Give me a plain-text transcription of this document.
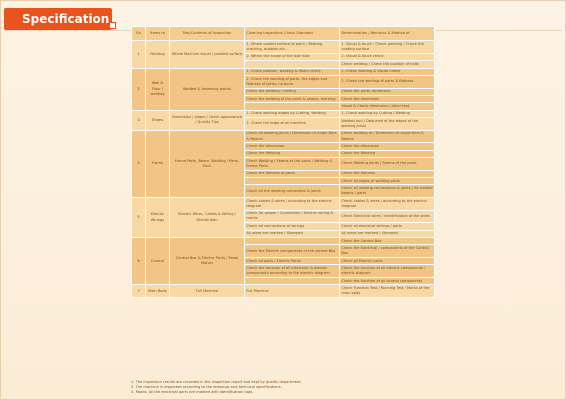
Specification
S/n	Items to	Test/Contents of Inspection	Cleaning Inspection/ Check Standard	Determination / Remarks & Method of
1	Painting	Whole Machine visual / painted surface	1. Whole coated surface of paint / Beating, cracking, bubbles etc...	1. Visual & touch : Check painting / Check the coating surface
			2. Within the scope of the bolt hole	2. Visual & touch check
				Check welding / Check the position of bolts
2	Wall & Floor / welding	Welded & Assembly points	1. Check position, welding & Seam check	1. Check welding & Visual Check
			2. Check the welding of parts, the edges and flatness of joints, no burrs	2. Check the welding of parts & flatness
			Check the welding / cutting	Check the parts, dimension
			Check the welding of the parts & seams, marking	Check the dimension
				Visual & Check dimension / other test
3	Edges	Dimension / edges / check appearance / Quality Tips	1. Check welding edges by Cutting, Welding	1. Check welding by Cutting / Welding
			2. Check the edge of all machine	Welded and / Deburred of the edges of the welding joints
4	Frame	Frame Parts, Beam, Welding / Parts, Ears	Check all welding joints / Dimension of Angle Bars & Beams	Check welding of / Dimension of Angle Bars & Beams
			Check the dimension	Check the dimension
			Check the Welding	Check the Welding
			Check Welding / Seams of the parts / Welding & Frame Parts	Check Welding joints / Seams of the parts
			Check the flatness of parts	Check the flatness
				Check all edges of welding parts
			Check all the welding connection & joints	Check all welding connections & joints / All welded beams / parts
5	Electric Wirings	Electric Wires, Cables & Wiring / Distribution	Check cables & wires / according to the electric diagram	Check cables & wires / according to the electric diagram
			Check for proper / Connection / Electric wiring & marks	Check Electrical wires / Identification of the wires
			Check all connections of wirings	Check all electrical wirings / parts
			All wires are marked / Stamped	All wires are marked / Stamped
6	Control	Control Box & Electric Parts / Panel Motors		Check the Control Box
			Check the Electric components of the control Box	Check the Electrical / components of the Control Box
			Check all parts / Electric Panel	Check all Electric parts
			Check the function of all electronic & electric components according to the electric diagram	Check the function of all electric components / electric diagram
				Check the function of all control components
7	Main Body	Full Machine	Full Machine	Check Function Test / Running Test / Marks of the main body
1. The inspection results are recorded in the inspection report and kept by quality department.
2. The machine is inspected according to the drawings and technical specifications.
3. Marks: All the electrical parts are marked with identification tags.
